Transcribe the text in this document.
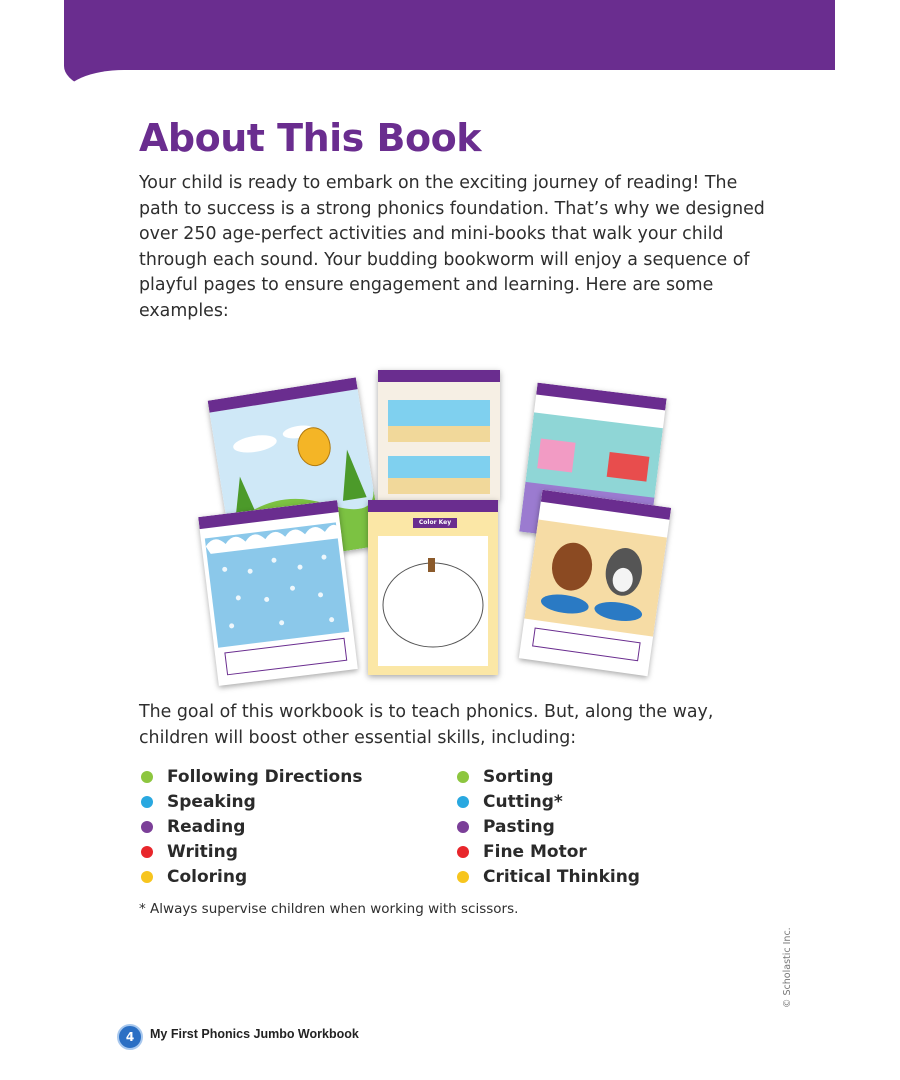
About This Book

Your child is ready to embark on the exciting journey of reading! The path to success is a strong phonics foundation. That’s why we designed over 250 age-perfect activities and mini-books that walk your child through each sound. Your budding bookworm will enjoy a sequence of playful pages to ensure engagement and learning. Here are some examples:

Color Key

The goal of this workbook is to teach phonics. But, along the way, children will boost other essential skills, including:

Following Directions
Speaking
Reading
Writing
Coloring
Sorting
Cutting*
Pasting
Fine Motor
Critical Thinking

* Always supervise children when working with scissors.

© Scholastic Inc.
4	My First Phonics Jumbo Workbook
